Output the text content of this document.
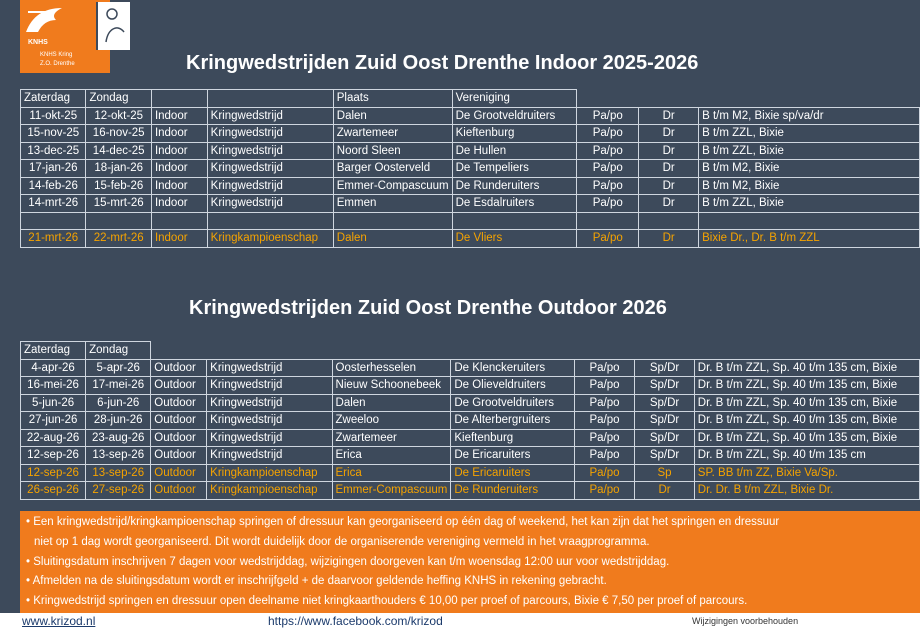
KNHS
KNHS Kring
Z.O. Drenthe	Kringwedstrijden Zuid Oost Drenthe Indoor 2025-2026
Zaterdag	Zondag			Plaats	Vereniging			
11-okt-25	12-okt-25	Indoor	Kringwedstrijd	Dalen	De Grootveldruiters	Pa/po	Dr	B t/m M2, Bixie sp/va/dr
15-nov-25	16-nov-25	Indoor	Kringwedstrijd	Zwartemeer	Kieftenburg	Pa/po	Dr	B t/m ZZL, Bixie
13-dec-25	14-dec-25	Indoor	Kringwedstrijd	Noord Sleen	De Hullen	Pa/po	Dr	B t/m ZZL, Bixie
17-jan-26	18-jan-26	Indoor	Kringwedstrijd	Barger Oosterveld	De Tempeliers	Pa/po	Dr	B t/m M2, Bixie
14-feb-26	15-feb-26	Indoor	Kringwedstrijd	Emmer-Compascuum	De Runderuiters	Pa/po	Dr	B t/m M2, Bixie
14-mrt-26	15-mrt-26	Indoor	Kringwedstrijd	Emmen	De Esdalruiters	Pa/po	Dr	B t/m ZZL, Bixie

21-mrt-26	22-mrt-26	Indoor	Kringkampioenschap	Dalen	De Vliers	Pa/po	Dr	Bixie Dr., Dr. B t/m ZZL
Kringwedstrijden Zuid Oost Drenthe Outdoor 2026
Zaterdag	Zondag							
4-apr-26	5-apr-26	Outdoor	Kringwedstrijd	Oosterhesselen	De Klenckeruiters	Pa/po	Sp/Dr	Dr. B t/m ZZL, Sp. 40 t/m 135 cm, Bixie
16-mei-26	17-mei-26	Outdoor	Kringwedstrijd	Nieuw Schoonebeek	De Olieveldruiters	Pa/po	Sp/Dr	Dr. B t/m ZZL, Sp. 40 t/m 135 cm, Bixie
5-jun-26	6-jun-26	Outdoor	Kringwedstrijd	Dalen	De Grootveldruiters	Pa/po	Sp/Dr	Dr. B t/m ZZL, Sp. 40 t/m 135 cm, Bixie
27-jun-26	28-jun-26	Outdoor	Kringwedstrijd	Zweeloo	De Alterbergruiters	Pa/po	Sp/Dr	Dr. B t/m ZZL, Sp. 40 t/m 135 cm, Bixie
22-aug-26	23-aug-26	Outdoor	Kringwedstrijd	Zwartemeer	Kieftenburg	Pa/po	Sp/Dr	Dr. B t/m ZZL, Sp. 40 t/m 135 cm, Bixie
12-sep-26	13-sep-26	Outdoor	Kringwedstrijd	Erica	De Ericaruiters	Pa/po	Sp/Dr	Dr. B t/m ZZL, Sp. 40 t/m 135 cm
12-sep-26	13-sep-26	Outdoor	Kringkampioenschap	Erica	De Ericaruiters	Pa/po	Sp	SP. BB t/m ZZ, Bixie Va/Sp.
26-sep-26	27-sep-26	Outdoor	Kringkampioenschap	Emmer-Compascuum	De Runderuiters	Pa/po	Dr	Dr. Dr. B t/m ZZL, Bixie Dr.
• Een kringwedstrijd/kringkampioenschap springen of dressuur kan georganiseerd op één dag of weekend, het kan zijn dat het springen en dressuur
niet op 1 dag wordt georganiseerd. Dit wordt duidelijk door de organiserende vereniging vermeld in het vraagprogramma.
• Sluitingsdatum inschrijven 7 dagen voor wedstrijddag, wijzigingen doorgeven kan t/m woensdag 12:00 uur voor wedstrijddag.
• Afmelden na de sluitingsdatum wordt er inschrijfgeld + de daarvoor geldende heffing KNHS in rekening gebracht.
• Kringwedstrijd springen en dressuur open deelname niet kringkaarthouders € 10,00 per proef of parcours, Bixie € 7,50 per proef of parcours.
www.krizod.nl	https://www.facebook.com/krizod	Wijzigingen voorbehouden
